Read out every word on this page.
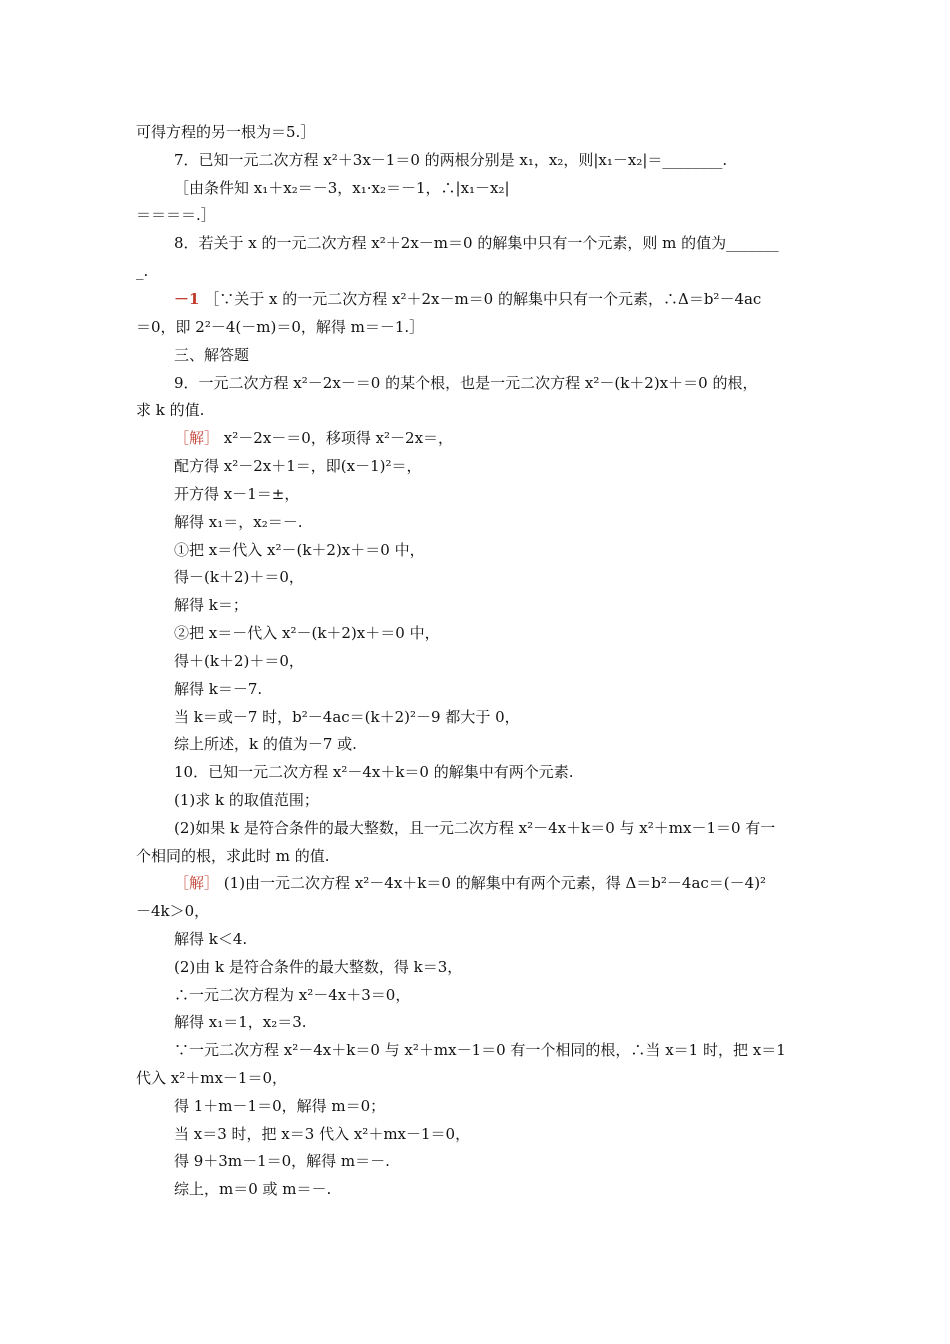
可得方程的另一根为＝5.］
7．已知一元二次方程 x²＋3x－1＝0 的两根分别是 x₁，x₂，则|x₁－x₂|＝________.
［由条件知 x₁＋x₂＝－3，x₁·x₂＝－1，∴|x₁－x₂|
＝＝＝＝.］
8．若关于 x 的一元二次方程 x²＋2x－m＝0 的解集中只有一个元素，则 m 的值为_______
_.
－1 ［∵关于 x 的一元二次方程 x²＋2x－m＝0 的解集中只有一个元素，∴Δ＝b²－4ac
＝0，即 2²－4(－m)＝0，解得 m＝－1.］
三、解答题
9．一元二次方程 x²－2x－＝0 的某个根，也是一元二次方程 x²－(k＋2)x＋＝0 的根，
求 k 的值.
［解］ x²－2x－＝0，移项得 x²－2x＝，
配方得 x²－2x＋1＝，即(x－1)²＝，
开方得 x－1＝±，
解得 x₁＝，x₂＝－.
①把 x＝代入 x²－(k＋2)x＋＝0 中，
得－(k＋2)＋＝0，
解得 k＝；
②把 x＝－代入 x²－(k＋2)x＋＝0 中，
得＋(k＋2)＋＝0，
解得 k＝－7.
当 k＝或－7 时，b²－4ac＝(k＋2)²－9 都大于 0，
综上所述，k 的值为－7 或.
10．已知一元二次方程 x²－4x＋k＝0 的解集中有两个元素.
(1)求 k 的取值范围；
(2)如果 k 是符合条件的最大整数，且一元二次方程 x²－4x＋k＝0 与 x²＋mx－1＝0 有一
个相同的根，求此时 m 的值.
［解］ (1)由一元二次方程 x²－4x＋k＝0 的解集中有两个元素，得 Δ＝b²－4ac＝(－4)²
－4k＞0，
解得 k＜4.
(2)由 k 是符合条件的最大整数，得 k＝3，
∴一元二次方程为 x²－4x＋3＝0，
解得 x₁＝1，x₂＝3.
∵一元二次方程 x²－4x＋k＝0 与 x²＋mx－1＝0 有一个相同的根，∴当 x＝1 时，把 x＝1
代入 x²＋mx－1＝0，
得 1＋m－1＝0，解得 m＝0；
当 x＝3 时，把 x＝3 代入 x²＋mx－1＝0，
得 9＋3m－1＝0，解得 m＝－.
综上，m＝0 或 m＝－.
